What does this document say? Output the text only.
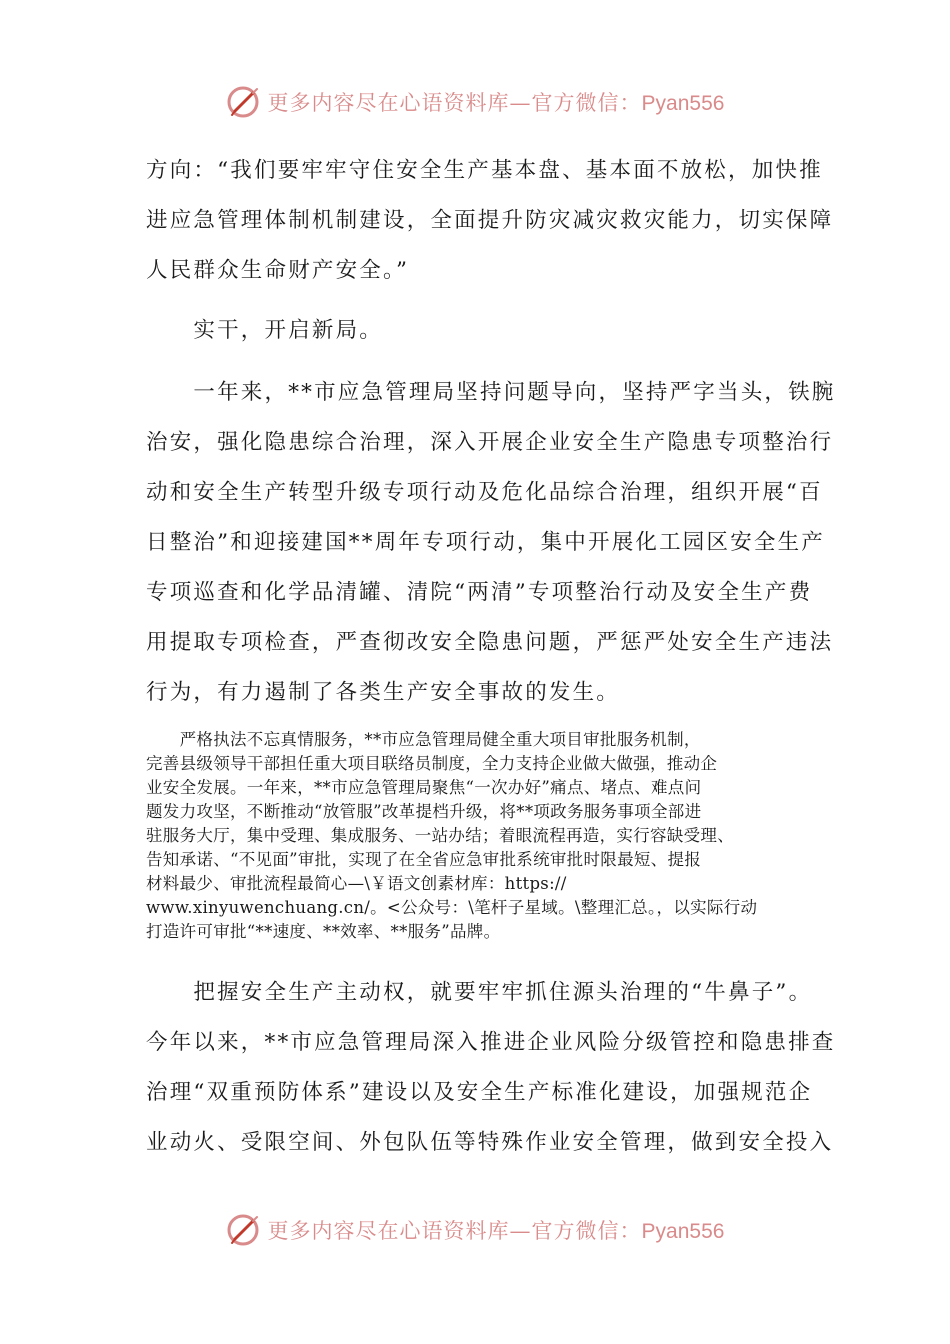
更多内容尽在心语资料库—官方微信：Pyan556
方向：“我们要牢牢守住安全生产基本盘、基本面不放松，加快推
进应急管理体制机制建设，全面提升防灾减灾救灾能力，切实保障
人民群众生命财产安全。”
　　实干，开启新局。
　　一年来，**市应急管理局坚持问题导向，坚持严字当头，铁腕
治安，强化隐患综合治理，深入开展企业安全生产隐患专项整治行
动和安全生产转型升级专项行动及危化品综合治理，组织开展“百
日整治”和迎接建国**周年专项行动，集中开展化工园区安全生产
专项巡查和化学品清罐、清院“两清”专项整治行动及安全生产费
用提取专项检查，严查彻改安全隐患问题，严惩严处安全生产违法
行为，有力遏制了各类生产安全事故的发生。
　　严格执法不忘真情服务，**市应急管理局健全重大项目审批服务机制，
完善县级领导干部担任重大项目联络员制度，全力支持企业做大做强，推动企
业安全发展。一年来，**市应急管理局聚焦“一次办好”痛点、堵点、难点问
题发力攻坚，不断推动“放管服”改革提档升级，将**项政务服务事项全部进
驻服务大厅，集中受理、集成服务、一站办结；着眼流程再造，实行容缺受理、
告知承诺、“不见面”审批，实现了在全省应急审批系统审批时限最短、提报
材料最少、审批流程最简心—\￥语文创素材库：https://
www.xinyuwenchuang.cn/。<公众号：\笔杆子星域。\整理汇总。，以实际行动
打造许可审批“**速度、**效率、**服务”品牌。
　　把握安全生产主动权，就要牢牢抓住源头治理的“牛鼻子”。
今年以来，**市应急管理局深入推进企业风险分级管控和隐患排查
治理“双重预防体系”建设以及安全生产标准化建设，加强规范企
业动火、受限空间、外包队伍等特殊作业安全管理，做到安全投入
更多内容尽在心语资料库—官方微信：Pyan556
